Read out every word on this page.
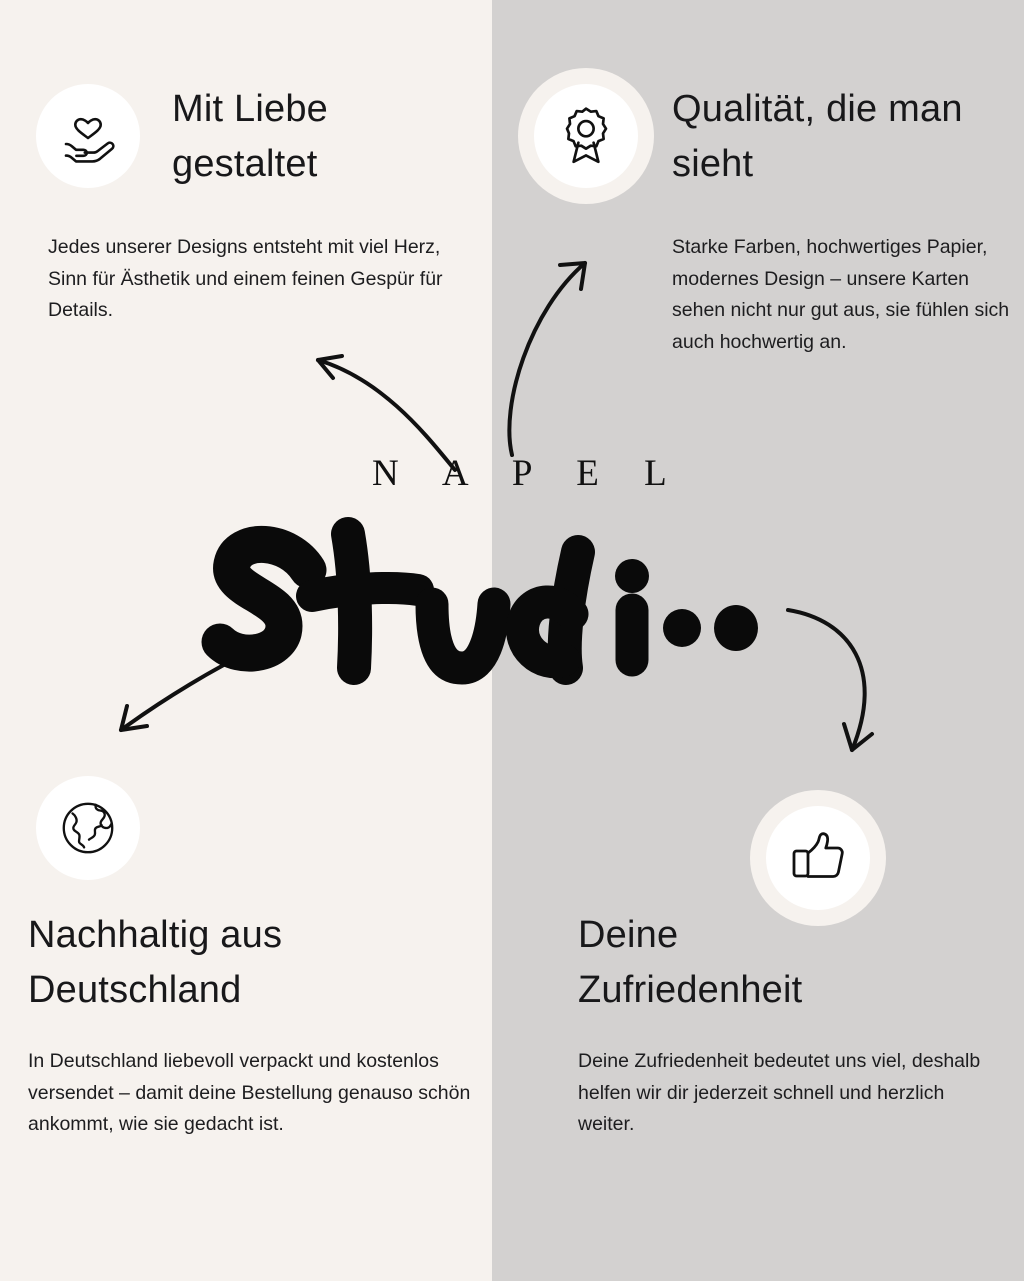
Mit Liebe gestaltet
Jedes unserer Designs entsteht mit viel Herz, Sinn für Ästhetik und einem feinen Gespür für Details.
Qualität, die man sieht
Starke Farben, hochwertiges Papier, modernes Design – unsere Karten sehen nicht nur gut aus, sie fühlen sich auch hochwertig an.
N A P E L
Nachhaltig aus Deutschland
In Deutschland liebevoll verpackt und kostenlos versendet – damit deine Bestellung genauso schön ankommt, wie sie gedacht ist.
Deine Zufriedenheit
Deine Zufriedenheit bedeutet uns viel, deshalb helfen wir dir jederzeit schnell und herzlich weiter.
